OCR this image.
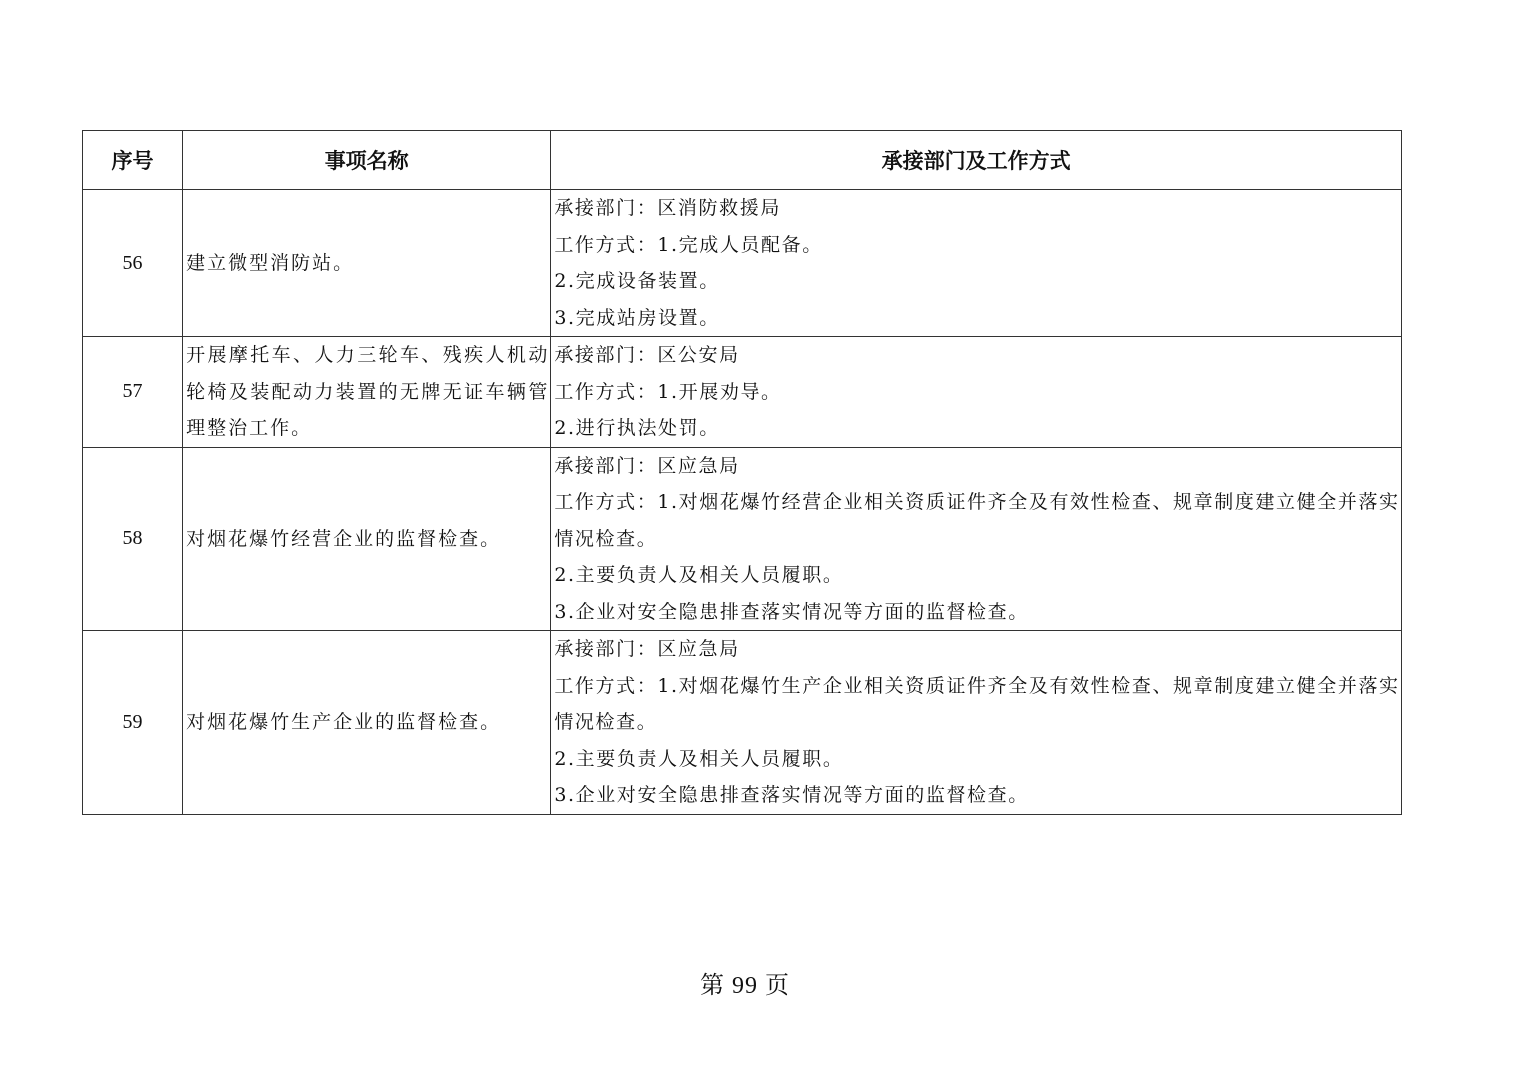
序号	事项名称	承接部门及工作方式
56	建立微型消防站。	承接部门：区消防救援局
工作方式：1.完成人员配备。
2.完成设备装置。
3.完成站房设置。

57	开展摩托车、人力三轮车、残疾人机动轮椅及装配动力装置的无牌无证车辆管理整治工作。	承接部门：区公安局
工作方式：1.开展劝导。
2.进行执法处罚。

58	对烟花爆竹经营企业的监督检查。	承接部门：区应急局
工作方式：1.对烟花爆竹经营企业相关资质证件齐全及有效性检查、规章制度建立健全并落实情况检查。
2.主要负责人及相关人员履职。
3.企业对安全隐患排查落实情况等方面的监督检查。

59	对烟花爆竹生产企业的监督检查。	承接部门：区应急局
工作方式：1.对烟花爆竹生产企业相关资质证件齐全及有效性检查、规章制度建立健全并落实情况检查。
2.主要负责人及相关人员履职。
3.企业对安全隐患排查落实情况等方面的监督检查。
第 99 页
